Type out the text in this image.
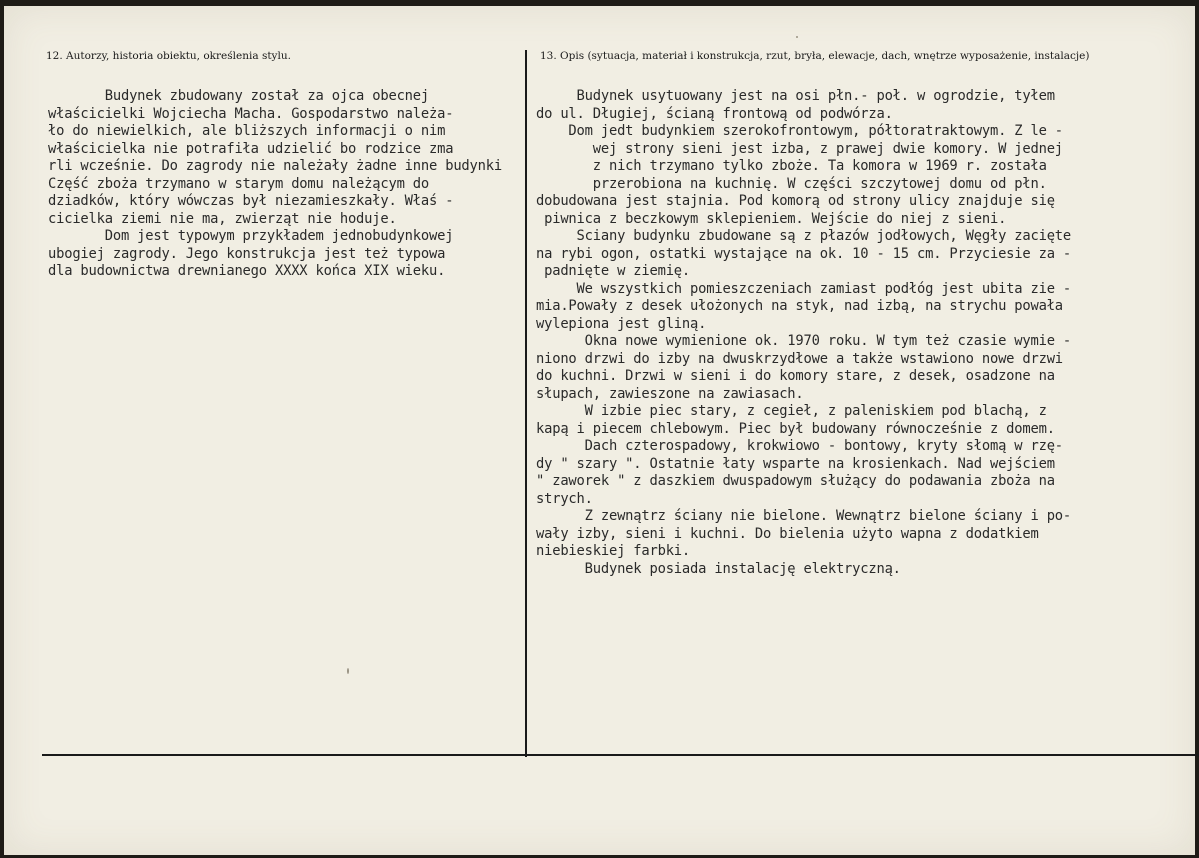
12. Autorzy, historia obiektu, określenia stylu.	13. Opis (sytuacja, materiał i konstrukcja, rzut, bryła, elewacje, dach, wnętrze wyposażenie, instalacje)
Budynek zbudowany został za ojca obecnej
właścicielki Wojciecha Macha. Gospodarstwo należa-
ło do niewielkich, ale bliższych informacji o nim
właścicielka nie potrafiła udzielić bo rodzice zma
rli wcześnie. Do zagrody nie należały żadne inne budynki
Część zboża trzymano w starym domu należącym do
dziadków, który wówczas był niezamieszkały. Właś -
cicielka ziemi nie ma, zwierząt nie hoduje.
Dom jest typowym przykładem jednobudynkowej
ubogiej zagrody. Jego konstrukcja jest też typowa
dla budownictwa drewnianego XXXX końca XIX wieku.
Budynek usytuowany jest na osi płn.- poł. w ogrodzie, tyłem
do ul. Długiej, ścianą frontową od podwórza.
Dom jedt budynkiem szerokofrontowym, półtoratraktowym. Z le -
wej strony sieni jest izba, z prawej dwie komory. W jednej
z nich trzymano tylko zboże. Ta komora w 1969 r. została
przerobiona na kuchnię. W części szczytowej domu od płn.
dobudowana jest stajnia. Pod komorą od strony ulicy znajduje się
piwnica z beczkowym sklepieniem. Wejście do niej z sieni.
Sciany budynku zbudowane są z płazów jodłowych, Węgły zacięte
na rybi ogon, ostatki wystające na ok. 10 - 15 cm. Przyciesie za -
padnięte w ziemię.
We wszystkich pomieszczeniach zamiast podłóg jest ubita zie -
mia.Powały z desek ułożonych na styk, nad izbą, na strychu powała
wylepiona jest gliną.
Okna nowe wymienione ok. 1970 roku. W tym też czasie wymie -
niono drzwi do izby na dwuskrzydłowe a także wstawiono nowe drzwi
do kuchni. Drzwi w sieni i do komory stare, z desek, osadzone na
słupach, zawieszone na zawiasach.
W izbie piec stary, z cegieł, z paleniskiem pod blachą, z
kapą i piecem chlebowym. Piec był budowany równocześnie z domem.
Dach czterospadowy, krokwiowo - bontowy, kryty słomą w rzę-
dy " szary ". Ostatnie łaty wsparte na krosienkach. Nad wejściem
" zaworek " z daszkiem dwuspadowym służący do podawania zboża na
strych.
Z zewnątrz ściany nie bielone. Wewnątrz bielone ściany i po-
wały izby, sieni i kuchni. Do bielenia użyto wapna z dodatkiem
niebieskiej farbki.
Budynek posiada instalację elektryczną.
